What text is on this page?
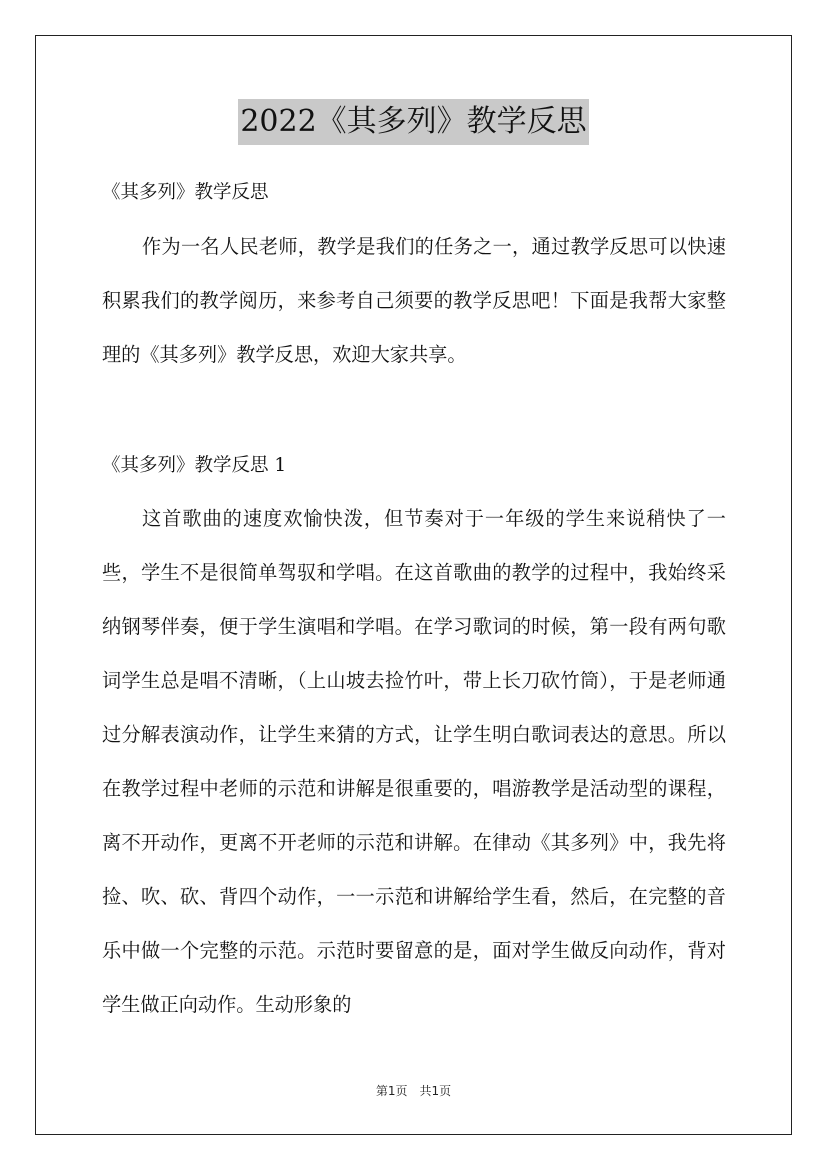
2022《其多列》教学反思
《其多列》教学反思
作为一名人民老师，教学是我们的任务之一，通过教学反思可以快速积累我们的教学阅历，来参考自己须要的教学反思吧！下面是我帮大家整理的《其多列》教学反思，欢迎大家共享。
《其多列》教学反思 1
这首歌曲的速度欢愉快泼，但节奏对于一年级的学生来说稍快了一些，学生不是很简单驾驭和学唱。在这首歌曲的教学的过程中，我始终采纳钢琴伴奏，便于学生演唱和学唱。在学习歌词的时候，第一段有两句歌词学生总是唱不清晰，（上山坡去捡竹叶，带上长刀砍竹筒），于是老师通过分解表演动作，让学生来猜的方式，让学生明白歌词表达的意思。所以在教学过程中老师的示范和讲解是很重要的，唱游教学是活动型的课程，离不开动作，更离不开老师的示范和讲解。在律动《其多列》中，我先将捡、吹、砍、背四个动作，一一示范和讲解给学生看，然后，在完整的音乐中做一个完整的示范。示范时要留意的是，面对学生做反向动作，背对学生做正向动作。生动形象的
第1页　共1页
